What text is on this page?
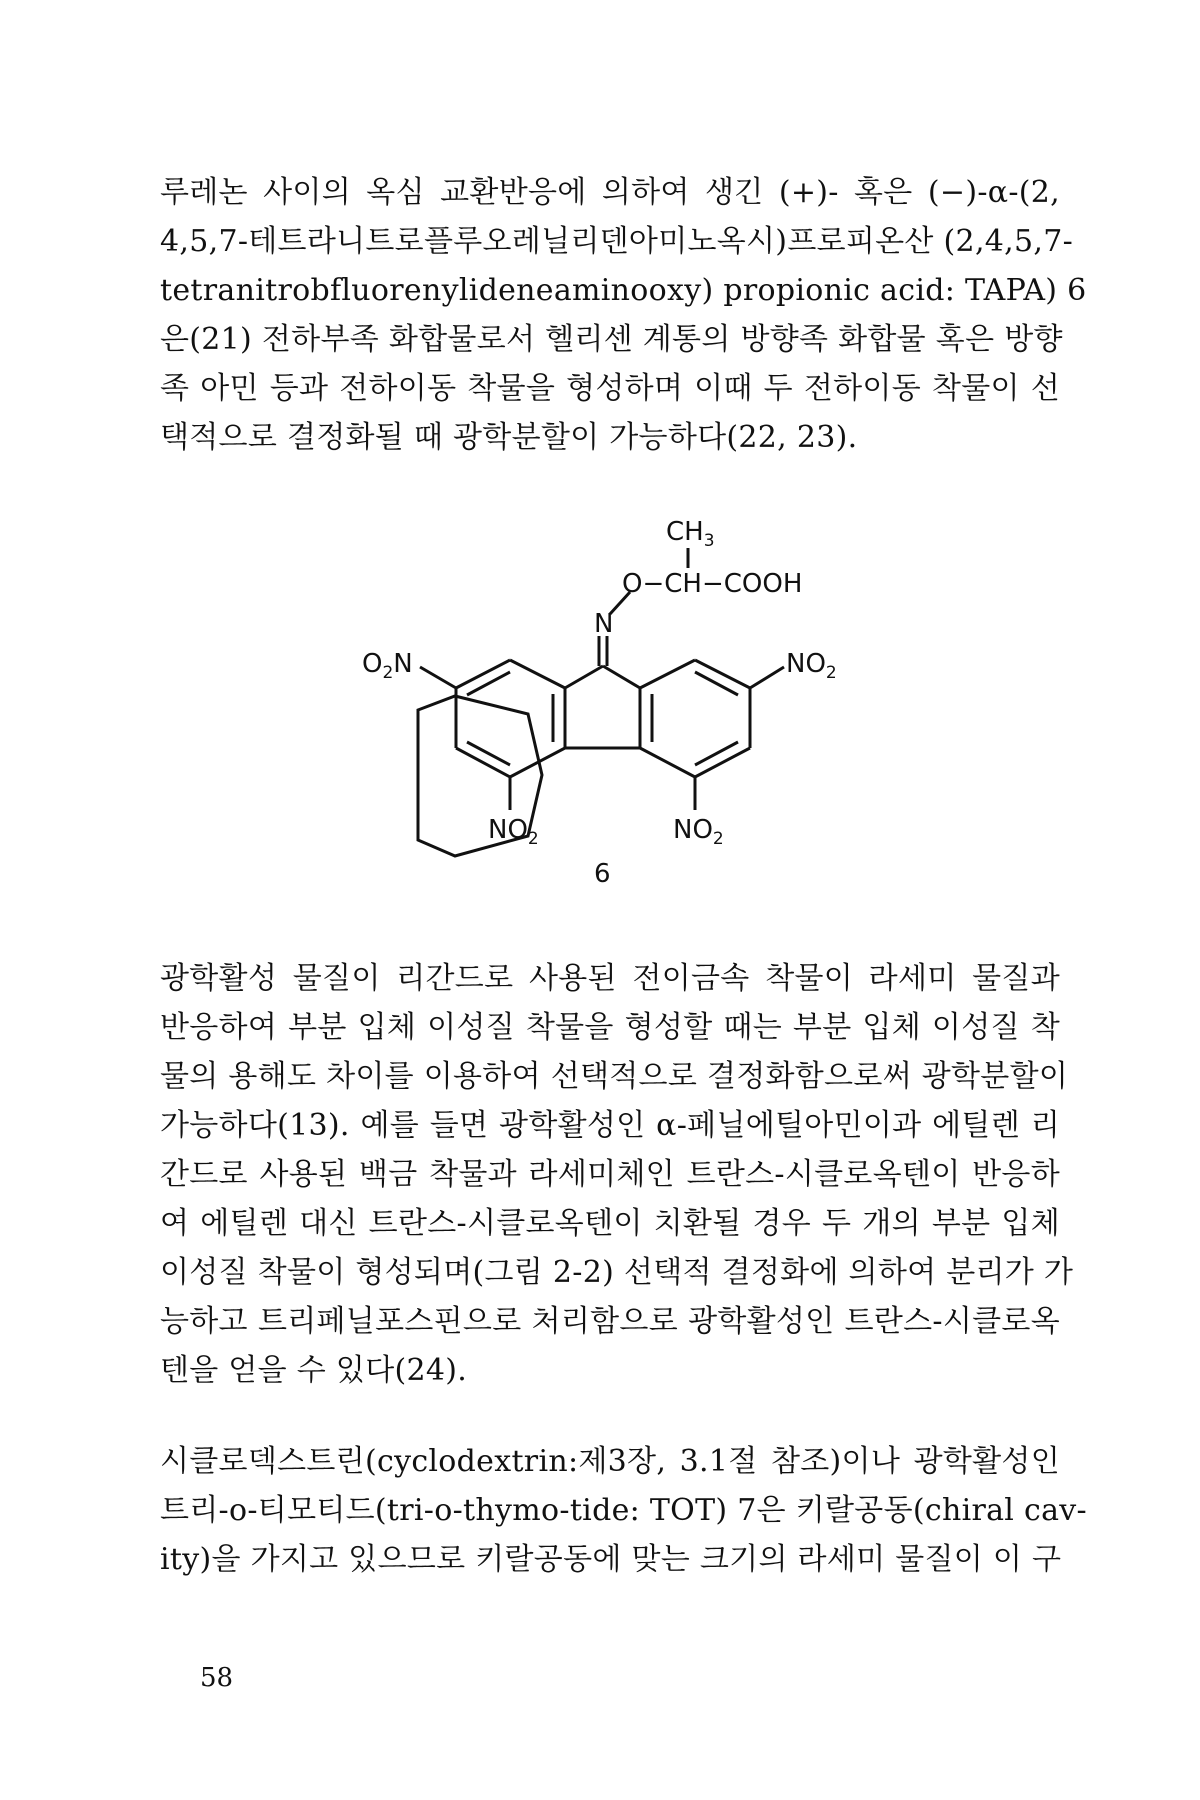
루레논 사이의 옥심 교환반응에 의하여 생긴 (+)- 혹은 (−)-α-(2,
4,5,7-테트라니트로플루오레닐리덴아미노옥시)프로피온산 (2,4,5,7-
tetranitrobfluorenylideneaminooxy) propionic acid: TAPA) 6
은(21) 전하부족 화합물로서 헬리센 계통의 방향족 화합물 혹은 방향
족 아민 등과 전하이동 착물을 형성하며 이때 두 전하이동 착물이 선
택적으로 결정화될 때 광학분할이 가능하다(22, 23).
$CH_3$
O−CH−COOH
N
$O_2N$	$NO_2$
$NO_2$	$NO_2$
6
광학활성 물질이 리간드로 사용된 전이금속 착물이 라세미 물질과
반응하여 부분 입체 이성질 착물을 형성할 때는 부분 입체 이성질 착
물의 용해도 차이를 이용하여 선택적으로 결정화함으로써 광학분할이
가능하다(13). 예를 들면 광학활성인 α-페닐에틸아민이과 에틸렌 리
간드로 사용된 백금 착물과 라세미체인 트란스-시클로옥텐이 반응하
여 에틸렌 대신 트란스-시클로옥텐이 치환될 경우 두 개의 부분 입체
이성질 착물이 형성되며(그림 2-2) 선택적 결정화에 의하여 분리가 가
능하고 트리페닐포스핀으로 처리함으로 광학활성인 트란스-시클로옥
텐을 얻을 수 있다(24).
시클로덱스트린(cyclodextrin:제3장, 3.1절 참조)이나 광학활성인
트리-o-티모티드(tri-o-thymo-tide: TOT) 7은 키랄공동(chiral cav-
ity)을 가지고 있으므로 키랄공동에 맞는 크기의 라세미 물질이 이 구
58
